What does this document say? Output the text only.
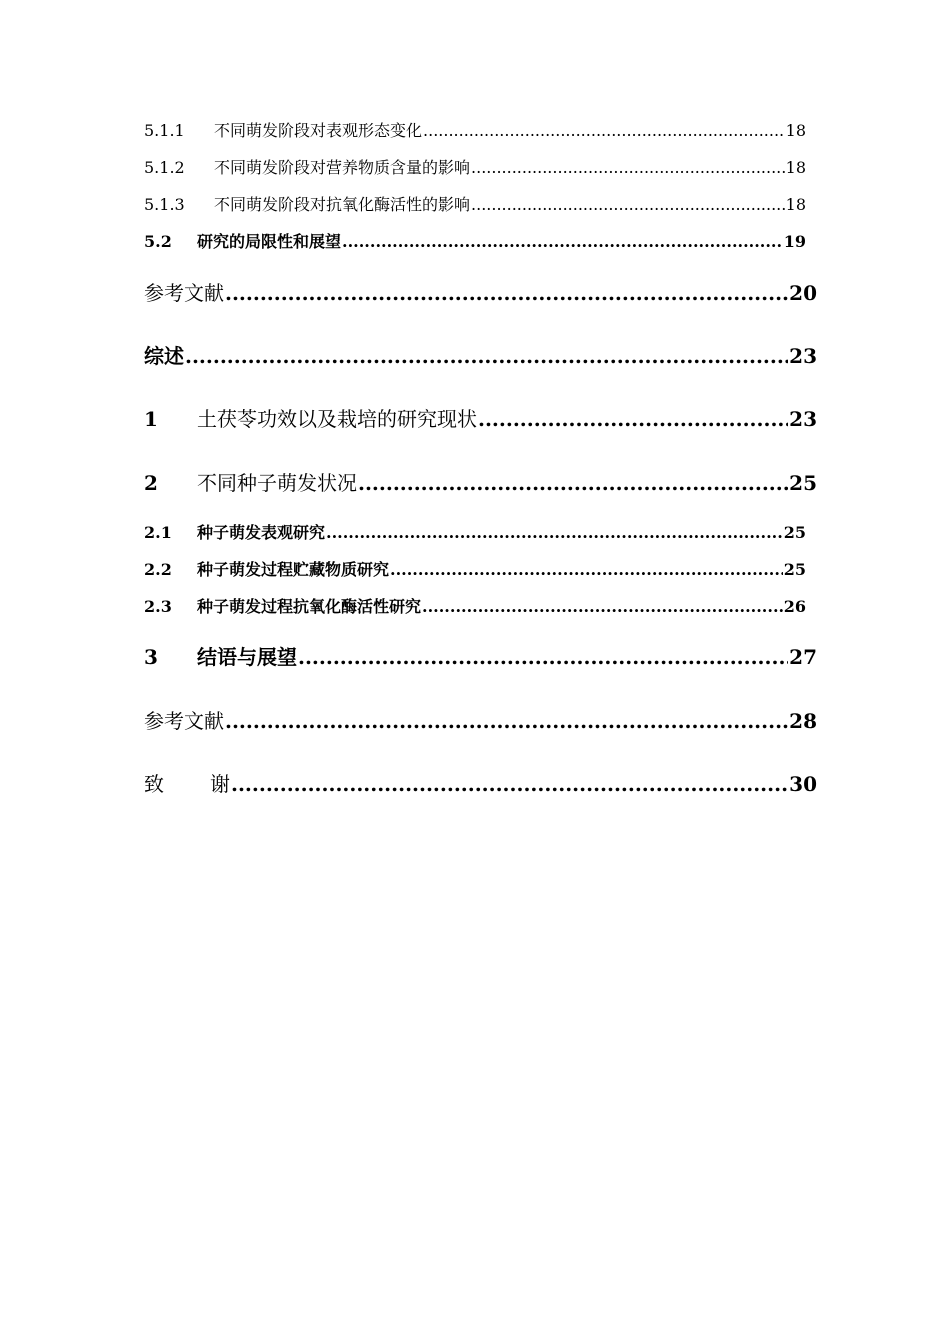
5.1.1	不同萌发阶段对表观形态变化 .....	18
5.1.2	不同萌发阶段对营养物质含量的影响 .....	18
5.1.3	不同萌发阶段对抗氧化酶活性的影响 .....	18
5.2	研究的局限性和展望 .....	19
参考文献 .....	20
综述 .....	23
1	土茯苓功效以及栽培的研究现状 .....	23
2	不同种子萌发状况 .....	25
2.1	种子萌发表观研究 .....	25
2.2	种子萌发过程贮藏物质研究 .....	25
2.3	种子萌发过程抗氧化酶活性研究 .....	26
3	结语与展望 .....	27
参考文献 .....	28
致 谢 .....	30
